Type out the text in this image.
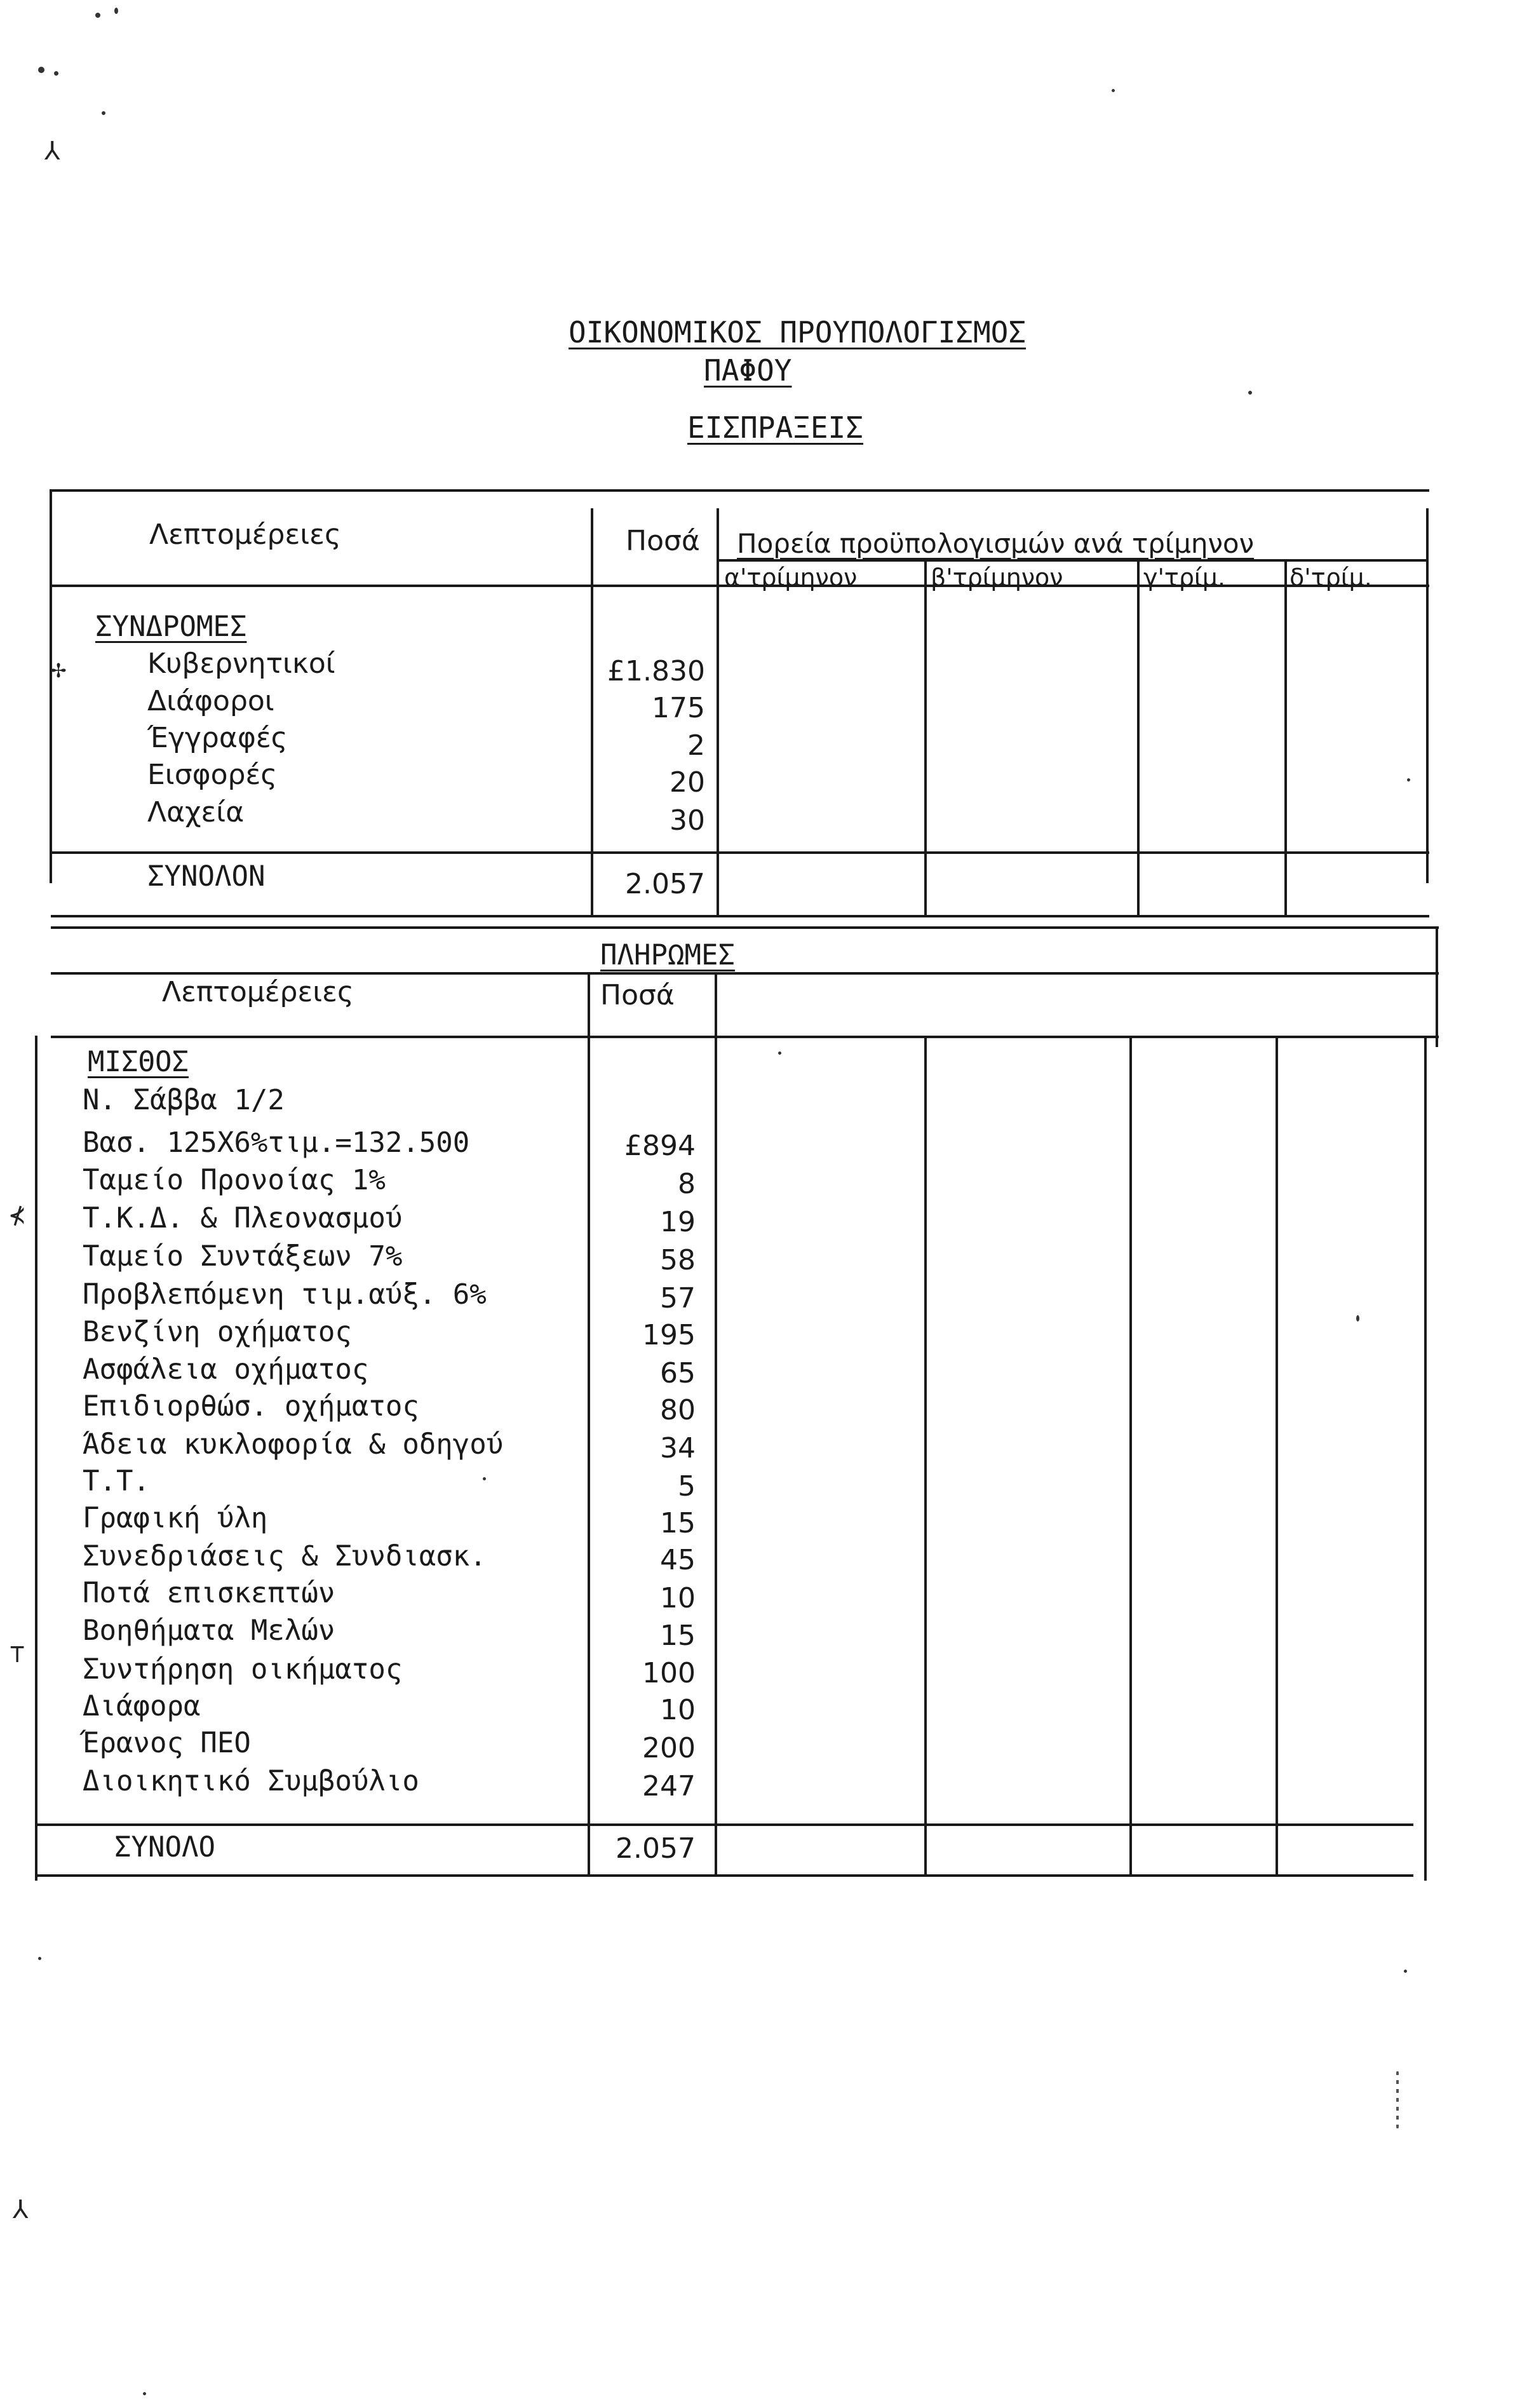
ΟΙΚΟΝΟΜΙΚΟΣ ΠΡΟΥΠΟΛΟΓΙΣΜΟΣ
ΠΑΦΟΥ
ΕΙΣΠΡΑΞΕΙΣ
Λεπτομέρειες	Ποσά Πορεία προϋπολογισμών ανά τρίμηνον
α'τρίμηνον	β'τρίμηνον	γ'τρίμ.	δ'τρίμ.
ΣΥΝΔΡΟΜΕΣ
Κυβερνητικοί	£1.830
Διάφοροι	175
Έγγραφές	2
Εισφορές	20
Λαχεία	30
ΣΥΝΟΛΟΝ	2.057
ΠΛΗΡΩΜΕΣ
Λεπτομέρειες	Ποσά
ΜΙΣΘΟΣ
Ν. Σάββα 1/2
Βασ. 125Χ6%τιμ.=132.500	£894
Ταμείο Προνοίας 1%	8
Τ.Κ.Δ. & Πλεονασμού	19
Ταμείο Συντάξεων 7%	58
Προβλεπόμενη τιμ.αύξ. 6%	57
Βενζίνη οχήματος	195
Ασφάλεια οχήματος	65
Επιδιορθώσ. οχήματος	80
Άδεια κυκλοφορία & οδηγού	34
Τ.Τ.	5
Γραφική ύλη	15
Συνεδριάσεις & Συνδιασκ.	45
Ποτά επισκεπτών	10
Βοηθήματα Μελών	15
Συντήρηση οικήματος	100
Διάφορα	10
Έρανος ΠΕΟ	200
Διοικητικό Συμβούλιο	247
ΣΥΝΟΛΟ	2.057
⅄
✢
⊀
⊤
⅄
